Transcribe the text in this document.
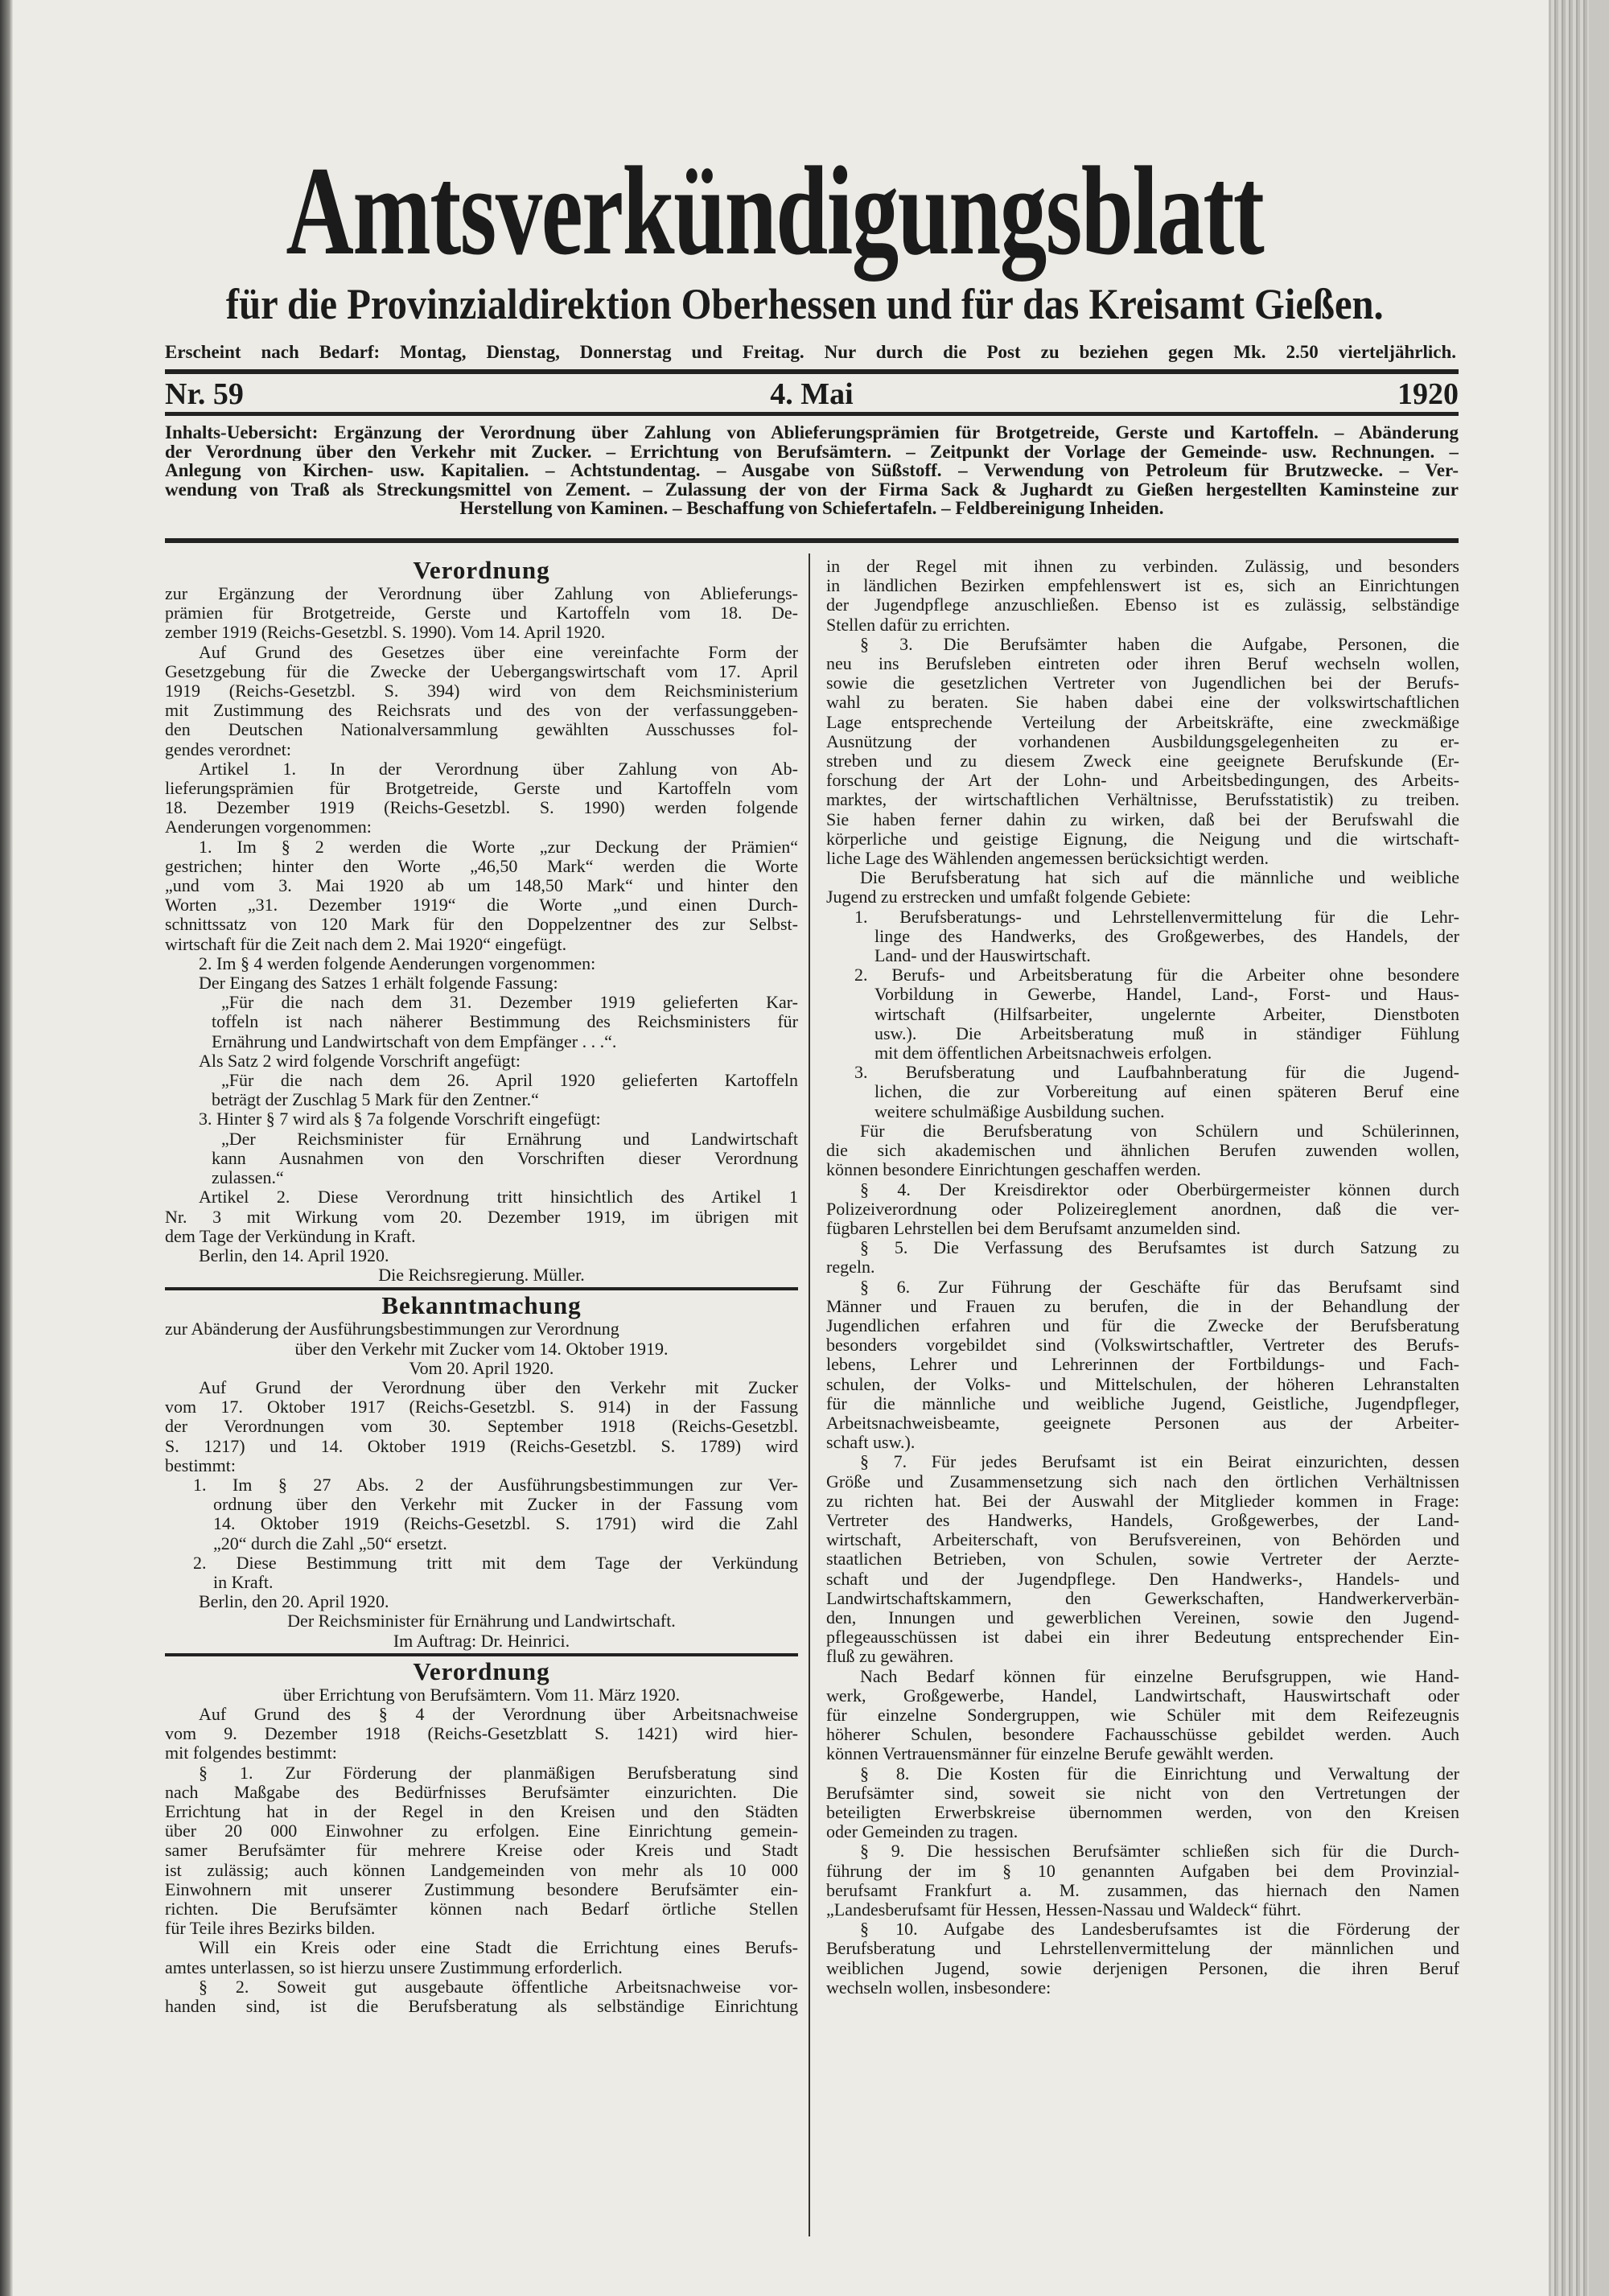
Amtsverkündigungsblatt
für die Provinzialdirektion Oberhessen und für das Kreisamt Gießen.
Erscheint nach Bedarf: Montag, Dienstag, Donnerstag und Freitag. Nur durch die Post zu beziehen gegen Mk. 2.50 vierteljährlich.
Nr. 59	4. Mai	1920
Inhalts-Uebersicht: Ergänzung der Verordnung über Zahlung von Ablieferungsprämien für Brotgetreide, Gerste und Kartoffeln. – Abänderung
der Verordnung über den Verkehr mit Zucker. – Errichtung von Berufsämtern. – Zeitpunkt der Vorlage der Gemeinde- usw. Rechnungen. –
Anlegung von Kirchen- usw. Kapitalien. – Achtstundentag. – Ausgabe von Süßstoff. – Verwendung von Petroleum für Brutzwecke. – Ver-
wendung von Traß als Streckungsmittel von Zement. – Zulassung der von der Firma Sack & Jughardt zu Gießen hergestellten Kaminsteine zur
Herstellung von Kaminen. – Beschaffung von Schiefertafeln. – Feldbereinigung Inheiden.
Verordnung
zur Ergänzung der Verordnung über Zahlung von Ablieferungs-
prämien für Brotgetreide, Gerste und Kartoffeln vom 18. De-
zember 1919 (Reichs-Gesetzbl. S. 1990). Vom 14. April 1920.
Auf Grund des Gesetzes über eine vereinfachte Form der
Gesetzgebung für die Zwecke der Uebergangswirtschaft vom 17. April
1919 (Reichs-Gesetzbl. S. 394) wird von dem Reichsministerium
mit Zustimmung des Reichsrats und des von der verfassunggeben-
den Deutschen Nationalversammlung gewählten Ausschusses fol-
gendes verordnet:
Artikel 1. In der Verordnung über Zahlung von Ab-
lieferungsprämien für Brotgetreide, Gerste und Kartoffeln vom
18. Dezember 1919 (Reichs-Gesetzbl. S. 1990) werden folgende
Aenderungen vorgenommen:
1. Im § 2 werden die Worte „zur Deckung der Prämien“
gestrichen; hinter den Worte „46,50 Mark“ werden die Worte
„und vom 3. Mai 1920 ab um 148,50 Mark“ und hinter den
Worten „31. Dezember 1919“ die Worte „und einen Durch-
schnittssatz von 120 Mark für den Doppelzentner des zur Selbst-
wirtschaft für die Zeit nach dem 2. Mai 1920“ eingefügt.
2. Im § 4 werden folgende Aenderungen vorgenommen:
Der Eingang des Satzes 1 erhält folgende Fassung:
„Für die nach dem 31. Dezember 1919 gelieferten Kar-
toffeln ist nach näherer Bestimmung des Reichsministers für
Ernährung und Landwirtschaft von dem Empfänger . . .“.
Als Satz 2 wird folgende Vorschrift angefügt:
„Für die nach dem 26. April 1920 gelieferten Kartoffeln
beträgt der Zuschlag 5 Mark für den Zentner.“
3. Hinter § 7 wird als § 7a folgende Vorschrift eingefügt:
„Der Reichsminister für Ernährung und Landwirtschaft
kann Ausnahmen von den Vorschriften dieser Verordnung
zulassen.“
Artikel 2. Diese Verordnung tritt hinsichtlich des Artikel 1
Nr. 3 mit Wirkung vom 20. Dezember 1919, im übrigen mit
dem Tage der Verkündung in Kraft.
Berlin, den 14. April 1920.
Die Reichsregierung. Müller.
Bekanntmachung
zur Abänderung der Ausführungsbestimmungen zur Verordnung
über den Verkehr mit Zucker vom 14. Oktober 1919.
Vom 20. April 1920.
Auf Grund der Verordnung über den Verkehr mit Zucker
vom 17. Oktober 1917 (Reichs-Gesetzbl. S. 914) in der Fassung
der Verordnungen vom 30. September 1918 (Reichs-Gesetzbl.
S. 1217) und 14. Oktober 1919 (Reichs-Gesetzbl. S. 1789) wird
bestimmt:
1. Im § 27 Abs. 2 der Ausführungsbestimmungen zur Ver-
ordnung über den Verkehr mit Zucker in der Fassung vom
14. Oktober 1919 (Reichs-Gesetzbl. S. 1791) wird die Zahl
„20“ durch die Zahl „50“ ersetzt.
2. Diese Bestimmung tritt mit dem Tage der Verkündung
in Kraft.
Berlin, den 20. April 1920.
Der Reichsminister für Ernährung und Landwirtschaft.
Im Auftrag: Dr. Heinrici.
Verordnung
über Errichtung von Berufsämtern. Vom 11. März 1920.
Auf Grund des § 4 der Verordnung über Arbeitsnachweise
vom 9. Dezember 1918 (Reichs-Gesetzblatt S. 1421) wird hier-
mit folgendes bestimmt:
§ 1. Zur Förderung der planmäßigen Berufsberatung sind
nach Maßgabe des Bedürfnisses Berufsämter einzurichten. Die
Errichtung hat in der Regel in den Kreisen und den Städten
über 20 000 Einwohner zu erfolgen. Eine Einrichtung gemein-
samer Berufsämter für mehrere Kreise oder Kreis und Stadt
ist zulässig; auch können Landgemeinden von mehr als 10 000
Einwohnern mit unserer Zustimmung besondere Berufsämter ein-
richten. Die Berufsämter können nach Bedarf örtliche Stellen
für Teile ihres Bezirks bilden.
Will ein Kreis oder eine Stadt die Errichtung eines Berufs-
amtes unterlassen, so ist hierzu unsere Zustimmung erforderlich.
§ 2. Soweit gut ausgebaute öffentliche Arbeitsnachweise vor-
handen sind, ist die Berufsberatung als selbständige Einrichtung
in der Regel mit ihnen zu verbinden. Zulässig, und besonders
in ländlichen Bezirken empfehlenswert ist es, sich an Einrichtungen
der Jugendpflege anzuschließen. Ebenso ist es zulässig, selbständige
Stellen dafür zu errichten.
§ 3. Die Berufsämter haben die Aufgabe, Personen, die
neu ins Berufsleben eintreten oder ihren Beruf wechseln wollen,
sowie die gesetzlichen Vertreter von Jugendlichen bei der Berufs-
wahl zu beraten. Sie haben dabei eine der volkswirtschaftlichen
Lage entsprechende Verteilung der Arbeitskräfte, eine zweckmäßige
Ausnützung der vorhandenen Ausbildungsgelegenheiten zu er-
streben und zu diesem Zweck eine geeignete Berufskunde (Er-
forschung der Art der Lohn- und Arbeitsbedingungen, des Arbeits-
marktes, der wirtschaftlichen Verhältnisse, Berufsstatistik) zu treiben.
Sie haben ferner dahin zu wirken, daß bei der Berufswahl die
körperliche und geistige Eignung, die Neigung und die wirtschaft-
liche Lage des Wählenden angemessen berücksichtigt werden.
Die Berufsberatung hat sich auf die männliche und weibliche
Jugend zu erstrecken und umfaßt folgende Gebiete:
1. Berufsberatungs- und Lehrstellenvermittelung für die Lehr-
linge des Handwerks, des Großgewerbes, des Handels, der
Land- und der Hauswirtschaft.
2. Berufs- und Arbeitsberatung für die Arbeiter ohne besondere
Vorbildung in Gewerbe, Handel, Land-, Forst- und Haus-
wirtschaft (Hilfsarbeiter, ungelernte Arbeiter, Dienstboten
usw.). Die Arbeitsberatung muß in ständiger Fühlung
mit dem öffentlichen Arbeitsnachweis erfolgen.
3. Berufsberatung und Laufbahnberatung für die Jugend-
lichen, die zur Vorbereitung auf einen späteren Beruf eine
weitere schulmäßige Ausbildung suchen.
Für die Berufsberatung von Schülern und Schülerinnen,
die sich akademischen und ähnlichen Berufen zuwenden wollen,
können besondere Einrichtungen geschaffen werden.
§ 4. Der Kreisdirektor oder Oberbürgermeister können durch
Polizeiverordnung oder Polizeireglement anordnen, daß die ver-
fügbaren Lehrstellen bei dem Berufsamt anzumelden sind.
§ 5. Die Verfassung des Berufsamtes ist durch Satzung zu
regeln.
§ 6. Zur Führung der Geschäfte für das Berufsamt sind
Männer und Frauen zu berufen, die in der Behandlung der
Jugendlichen erfahren und für die Zwecke der Berufsberatung
besonders vorgebildet sind (Volkswirtschaftler, Vertreter des Berufs-
lebens, Lehrer und Lehrerinnen der Fortbildungs- und Fach-
schulen, der Volks- und Mittelschulen, der höheren Lehranstalten
für die männliche und weibliche Jugend, Geistliche, Jugendpfleger,
Arbeitsnachweisbeamte, geeignete Personen aus der Arbeiter-
schaft usw.).
§ 7. Für jedes Berufsamt ist ein Beirat einzurichten, dessen
Größe und Zusammensetzung sich nach den örtlichen Verhältnissen
zu richten hat. Bei der Auswahl der Mitglieder kommen in Frage:
Vertreter des Handwerks, Handels, Großgewerbes, der Land-
wirtschaft, Arbeiterschaft, von Berufsvereinen, von Behörden und
staatlichen Betrieben, von Schulen, sowie Vertreter der Aerzte-
schaft und der Jugendpflege. Den Handwerks-, Handels- und
Landwirtschaftskammern, den Gewerkschaften, Handwerkerverbän-
den, Innungen und gewerblichen Vereinen, sowie den Jugend-
pflegeausschüssen ist dabei ein ihrer Bedeutung entsprechender Ein-
fluß zu gewähren.
Nach Bedarf können für einzelne Berufsgruppen, wie Hand-
werk, Großgewerbe, Handel, Landwirtschaft, Hauswirtschaft oder
für einzelne Sondergruppen, wie Schüler mit dem Reifezeugnis
höherer Schulen, besondere Fachausschüsse gebildet werden. Auch
können Vertrauensmänner für einzelne Berufe gewählt werden.
§ 8. Die Kosten für die Einrichtung und Verwaltung der
Berufsämter sind, soweit sie nicht von den Vertretungen der
beteiligten Erwerbskreise übernommen werden, von den Kreisen
oder Gemeinden zu tragen.
§ 9. Die hessischen Berufsämter schließen sich für die Durch-
führung der im § 10 genannten Aufgaben bei dem Provinzial-
berufsamt Frankfurt a. M. zusammen, das hiernach den Namen
„Landesberufsamt für Hessen, Hessen-Nassau und Waldeck“ führt.
§ 10. Aufgabe des Landesberufsamtes ist die Förderung der
Berufsberatung und Lehrstellenvermittelung der männlichen und
weiblichen Jugend, sowie derjenigen Personen, die ihren Beruf
wechseln wollen, insbesondere:
